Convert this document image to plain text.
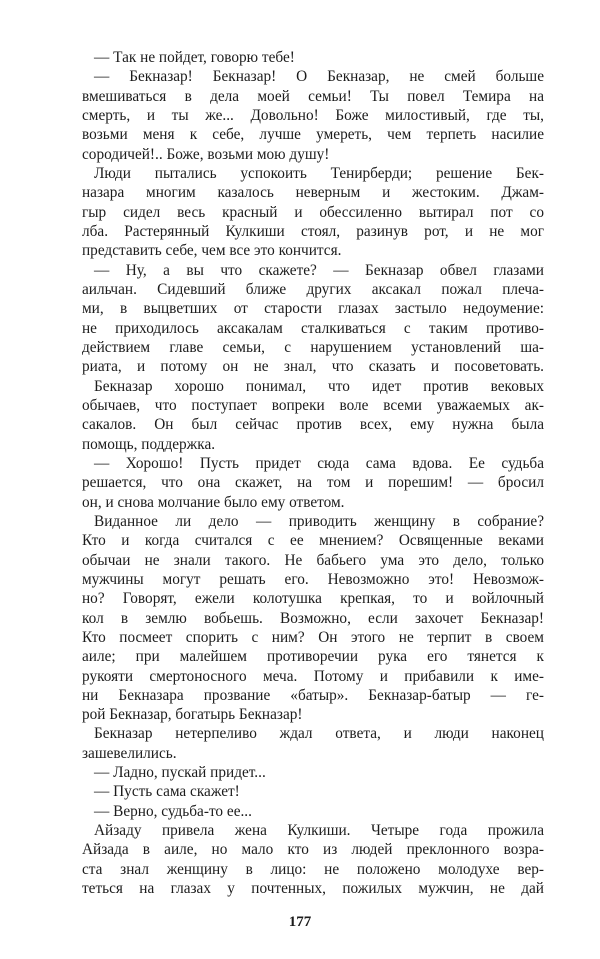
— Так не пойдет, говорю тебе!
— Бекназар! Бекназар! О Бекназар, не смей больше
вмешиваться в дела моей семьи! Ты повел Темира на
смерть, и ты же... Довольно! Боже милостивый, где ты,
возьми меня к себе, лучше умереть, чем терпеть насилие
сородичей!.. Боже, возьми мою душу!
Люди пытались успокоить Тенирберди; решение Бек-
назара многим казалось неверным и жестоким. Джам-
гыр сидел весь красный и обессиленно вытирал пот со
лба. Растерянный Кулкиши стоял, разинув рот, и не мог
представить себе, чем все это кончится.
— Ну, а вы что скажете? — Бекназар обвел глазами
аильчан. Сидевший ближе других аксакал пожал плеча-
ми, в выцветших от старости глазах застыло недоумение:
не приходилось аксакалам сталкиваться с таким противо-
действием главе семьи, с нарушением установлений ша-
риата, и потому он не знал, что сказать и посоветовать.
Бекназар хорошо понимал, что идет против вековых
обычаев, что поступает вопреки воле всеми уважаемых ак-
сакалов. Он был сейчас против всех, ему нужна была
помощь, поддержка.
— Хорошо! Пусть придет сюда сама вдова. Ее судьба
решается, что она скажет, на том и порешим! — бросил
он, и снова молчание было ему ответом.
Виданное ли дело — приводить женщину в собрание?
Кто и когда считался с ее мнением? Освященные веками
обычаи не знали такого. Не бабьего ума это дело, только
мужчины могут решать его. Невозможно это! Невозмож-
но? Говорят, ежели колотушка крепкая, то и войлочный
кол в землю вобьешь. Возможно, если захочет Бекназар!
Кто посмеет спорить с ним? Он этого не терпит в своем
аиле; при малейшем противоречии рука его тянется к
рукояти смертоносного меча. Потому и прибавили к име-
ни Бекназара прозвание «батыр». Бекназар-батыр — ге-
рой Бекназар, богатырь Бекназар!
Бекназар нетерпеливо ждал ответа, и люди наконец
зашевелились.
— Ладно, пускай придет...
— Пусть сама скажет!
— Верно, судьба-то ее...
Айзаду привела жена Кулкиши. Четыре года прожила
Айзада в аиле, но мало кто из людей преклонного возра-
ста знал женщину в лицо: не положено молодухе вер-
теться на глазах у почтенных, пожилых мужчин, не дай
177
